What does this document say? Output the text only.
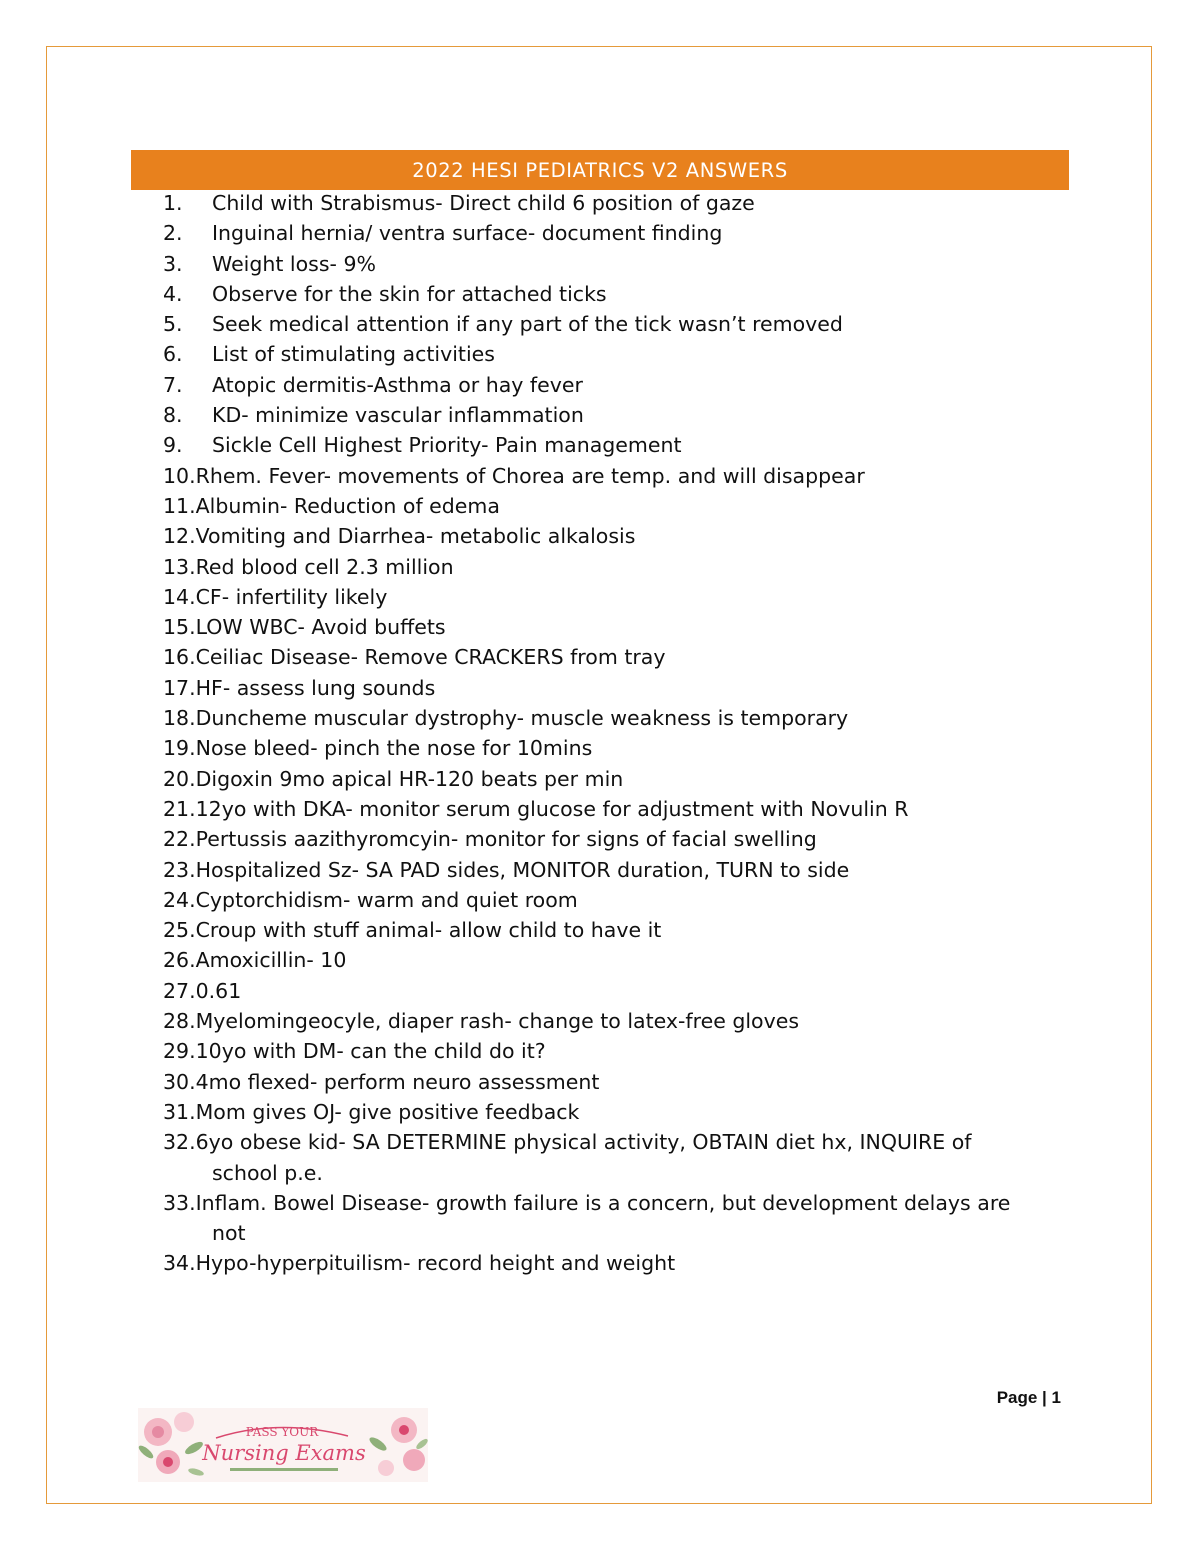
2022 HESI PEDIATRICS V2 ANSWERS
1.	Child with Strabismus- Direct child 6 position of gaze
2.	Inguinal hernia/ ventra surface- document finding
3.	Weight loss- 9%
4.	Observe for the skin for attached ticks
5.	Seek medical attention if any part of the tick wasn’t removed
6.	List of stimulating activities
7.	Atopic dermitis-Asthma or hay fever
8.	KD- minimize vascular inflammation
9.	Sickle Cell Highest Priority- Pain management
10.Rhem. Fever- movements of Chorea are temp. and will disappear
11.Albumin- Reduction of edema
12.Vomiting and Diarrhea- metabolic alkalosis
13.Red blood cell 2.3 million
14.CF- infertility likely
15.LOW WBC- Avoid buffets
16.Ceiliac Disease- Remove CRACKERS from tray
17.HF- assess lung sounds
18.Duncheme muscular dystrophy- muscle weakness is temporary
19.Nose bleed- pinch the nose for 10mins
20.Digoxin 9mo apical HR-120 beats per min
21.12yo with DKA- monitor serum glucose for adjustment with Novulin R
22.Pertussis aazithyromcyin- monitor for signs of facial swelling
23.Hospitalized Sz- SA PAD sides, MONITOR duration, TURN to side
24.Cyptorchidism- warm and quiet room
25.Croup with stuff animal- allow child to have it
26.Amoxicillin- 10
27.0.61
28.Myelomingeocyle, diaper rash- change to latex-free gloves
29.10yo with DM- can the child do it?
30.4mo flexed- perform neuro assessment
31.Mom gives OJ- give positive feedback
32.6yo obese kid- SA DETERMINE physical activity, OBTAIN diet hx, INQUIRE of school p.e.
33.Inflam. Bowel Disease- growth failure is a concern, but development delays are not
34.Hypo-hyperpituilism- record height and weight
Page | 1
PASS YOUR
Nursing Exams
